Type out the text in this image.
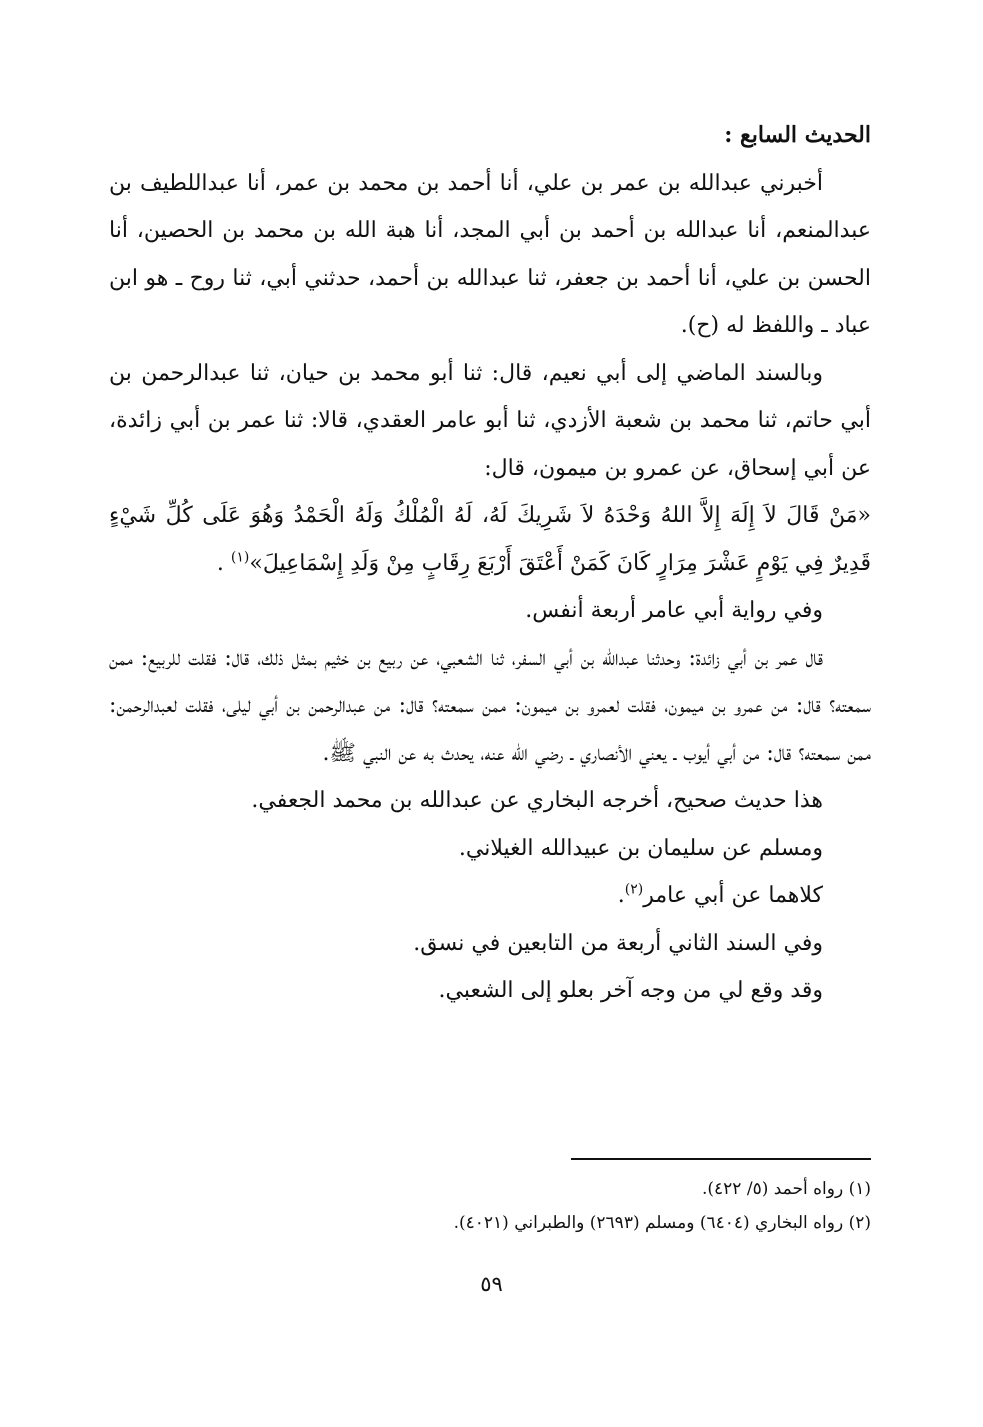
الحديث السابع :

أخبرني عبدالله بن عمر بن علي، أنا أحمد بن محمد بن عمر، أنا عبداللطيف بن عبدالمنعم، أنا عبدالله بن أحمد بن أبي المجد، أنا هبة الله بن محمد بن الحصين، أنا الحسن بن علي، أنا أحمد بن جعفر، ثنا عبدالله بن أحمد، حدثني أبي، ثنا روح ـ هو ابن عباد ـ واللفظ له (ح).

وبالسند الماضي إلى أبي نعيم، قال: ثنا أبو محمد بن حيان، ثنا عبدالرحمن بن أبي حاتم، ثنا محمد بن شعبة الأزدي، ثنا أبو عامر العقدي، قالا: ثنا عمر بن أبي زائدة، عن أبي إسحاق، عن عمرو بن ميمون، قال:

«مَنْ قَالَ لاَ إِلَهَ إِلاَّ اللهُ وَحْدَهُ لاَ شَرِيكَ لَهُ، لَهُ الْمُلْكُ وَلَهُ الْحَمْدُ وَهُوَ عَلَى كُلِّ شَيْءٍ قَدِيرٌ فِي يَوْمٍ عَشْرَ مِرَارٍ كَانَ كَمَنْ أَعْتَقَ أَرْبَعَ رِقَابٍ مِنْ وَلَدِ إِسْمَاعِيلَ»$^{(١)}$ .

وفي رواية أبي عامر أربعة أنفس.

قال عمر بن أبي زائدة: وحدثنا عبدالله بن أبي السفر، ثنا الشعبي، عن ربيع بن خثيم بمثل ذلك، قال: فقلت للربيع: ممن سمعته؟ قال: من عمرو بن ميمون، فقلت لعمرو بن ميمون: ممن سمعته؟ قال: من عبدالرحمن بن أبي ليلى، فقلت لعبدالرحمن: ممن سمعته؟ قال: من أبي أيوب ـ يعني الأنصاري ـ رضي الله عنه، يحدث به عن النبي ﷺ.

هذا حديث صحيح، أخرجه البخاري عن عبدالله بن محمد الجعفي.

ومسلم عن سليمان بن عبيدالله الغيلاني.

كلاهما عن أبي عامر$^{(٢)}$.

وفي السند الثاني أربعة من التابعين في نسق.

وقد وقع لي من وجه آخر بعلو إلى الشعبي.

(١) رواه أحمد (٥/ ٤٢٢).

(٢) رواه البخاري (٦٤٠٤) ومسلم (٢٦٩٣) والطبراني (٤٠٢١).

٥٩
